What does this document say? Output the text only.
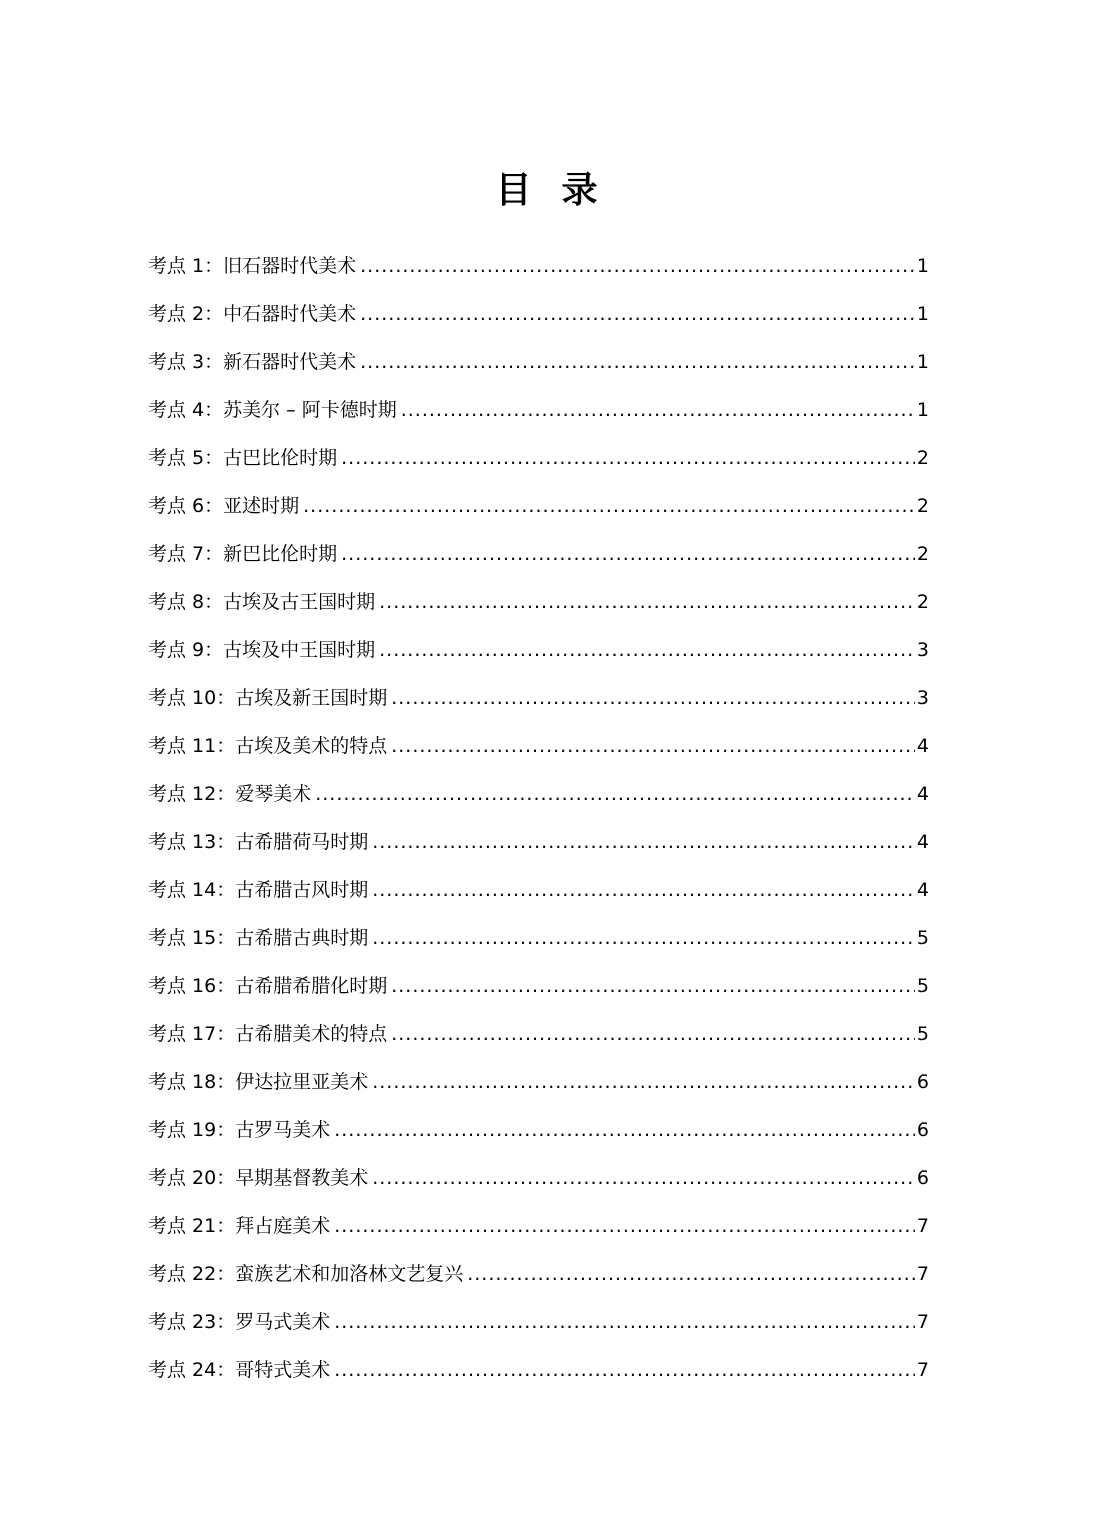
目录
考点 1：旧石器时代美术 .....	1
考点 2：中石器时代美术 .....	1
考点 3：新石器时代美术 .....	1
考点 4：苏美尔 – 阿卡德时期 .....	1
考点 5：古巴比伦时期 .....	2
考点 6：亚述时期 .....	2
考点 7：新巴比伦时期 .....	2
考点 8：古埃及古王国时期 .....	2
考点 9：古埃及中王国时期 .....	3
考点 10：古埃及新王国时期 .....	3
考点 11：古埃及美术的特点 .....	4
考点 12：爱琴美术 .....	4
考点 13：古希腊荷马时期 .....	4
考点 14：古希腊古风时期 .....	4
考点 15：古希腊古典时期 .....	5
考点 16：古希腊希腊化时期 .....	5
考点 17：古希腊美术的特点 .....	5
考点 18：伊达拉里亚美术 .....	6
考点 19：古罗马美术 .....	6
考点 20：早期基督教美术 .....	6
考点 21：拜占庭美术 .....	7
考点 22：蛮族艺术和加洛林文艺复兴 .....	7
考点 23：罗马式美术 .....	7
考点 24：哥特式美术 .....	7
